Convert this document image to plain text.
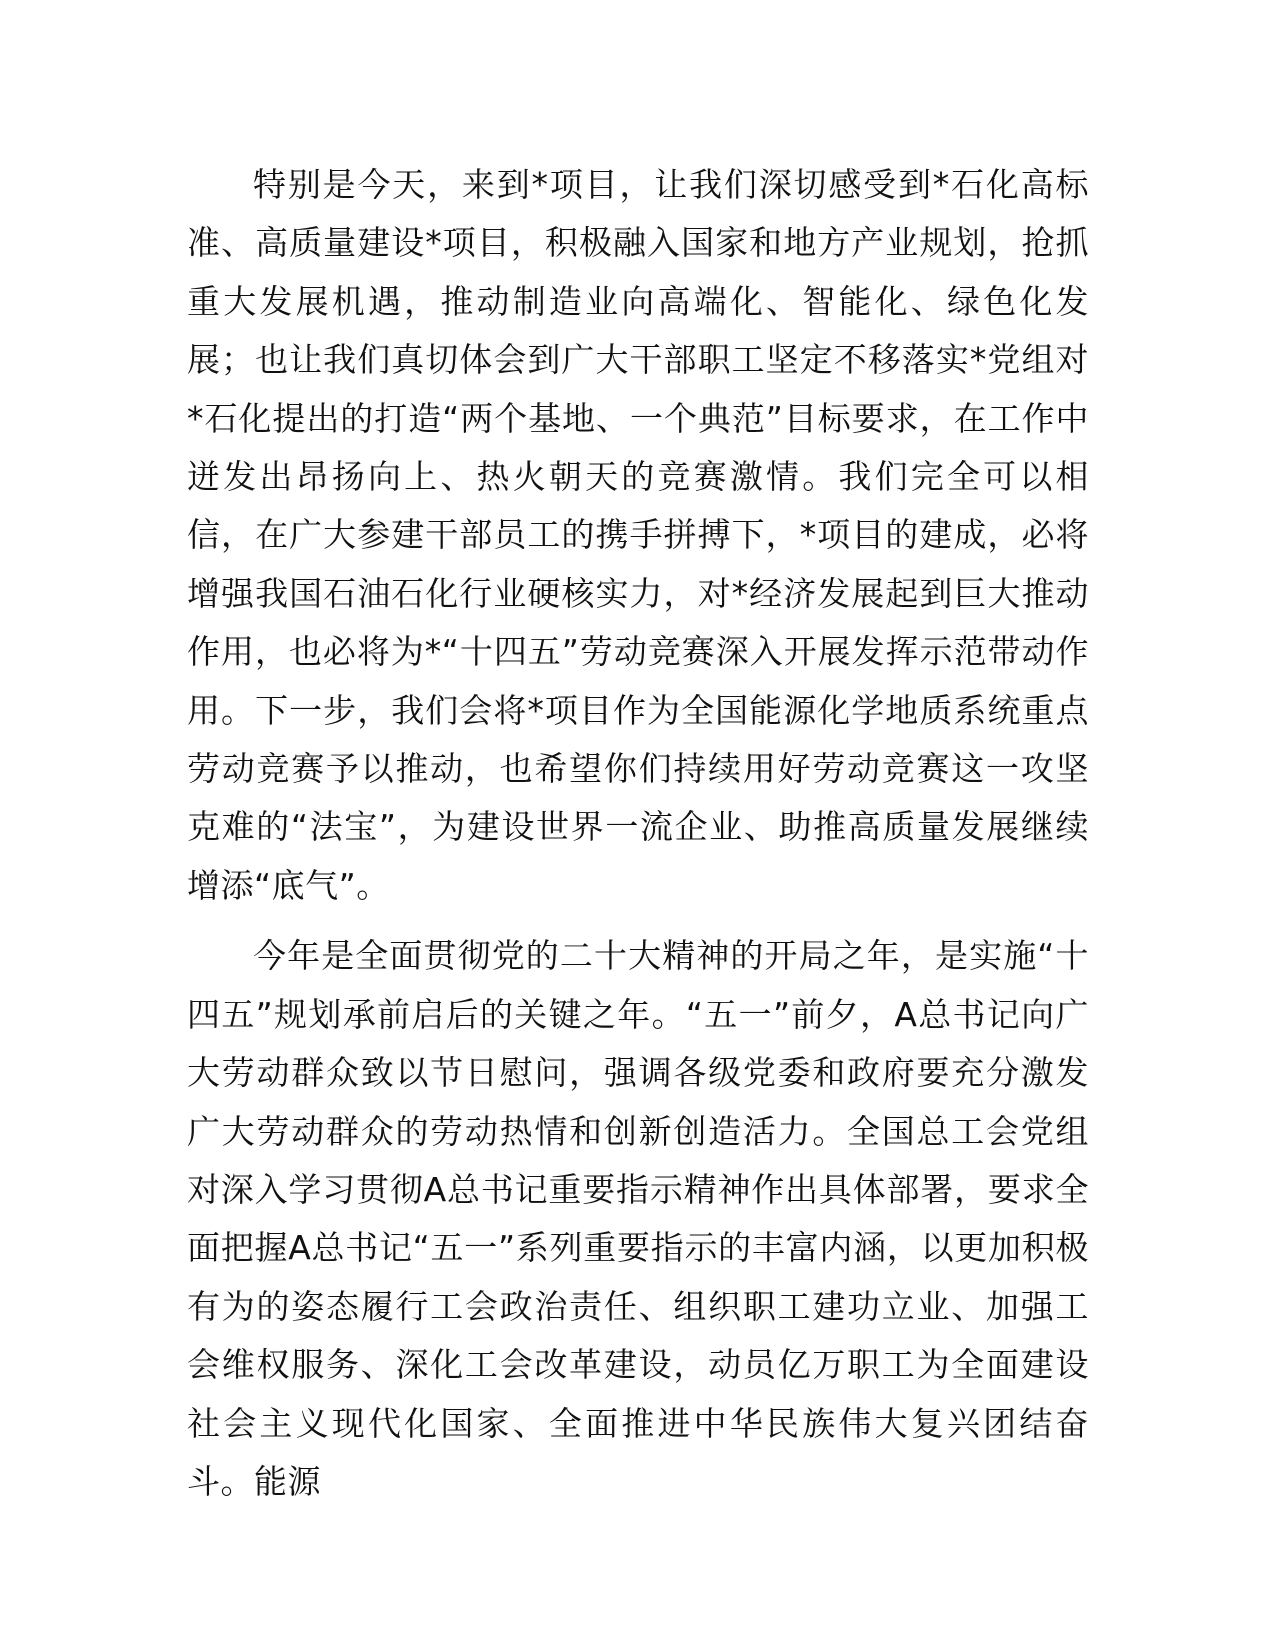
特别是今天，来到*项目，让我们深切感受到*石化高标准、高质量建设*项目，积极融入国家和地方产业规划，抢抓重大发展机遇，推动制造业向高端化、智能化、绿色化发展；也让我们真切体会到广大干部职工坚定不移落实*党组对*石化提出的打造“两个基地、一个典范”目标要求，在工作中迸发出昂扬向上、热火朝天的竞赛激情。我们完全可以相信，在广大参建干部员工的携手拼搏下，*项目的建成，必将增强我国石油石化行业硬核实力，对*经济发展起到巨大推动作用，也必将为*“十四五”劳动竞赛深入开展发挥示范带动作用。下一步，我们会将*项目作为全国能源化学地质系统重点劳动竞赛予以推动，也希望你们持续用好劳动竞赛这一攻坚克难的“法宝”，为建设世界一流企业、助推高质量发展继续增添“底气”。

今年是全面贯彻党的二十大精神的开局之年，是实施“十四五”规划承前启后的关键之年。“五一”前夕，A总书记向广大劳动群众致以节日慰问，强调各级党委和政府要充分激发广大劳动群众的劳动热情和创新创造活力。全国总工会党组对深入学习贯彻A总书记重要指示精神作出具体部署，要求全面把握A总书记“五一”系列重要指示的丰富内涵，以更加积极有为的姿态履行工会政治责任、组织职工建功立业、加强工会维权服务、深化工会改革建设，动员亿万职工为全面建设社会主义现代化国家、全面推进中华民族伟大复兴团结奋斗。能源
